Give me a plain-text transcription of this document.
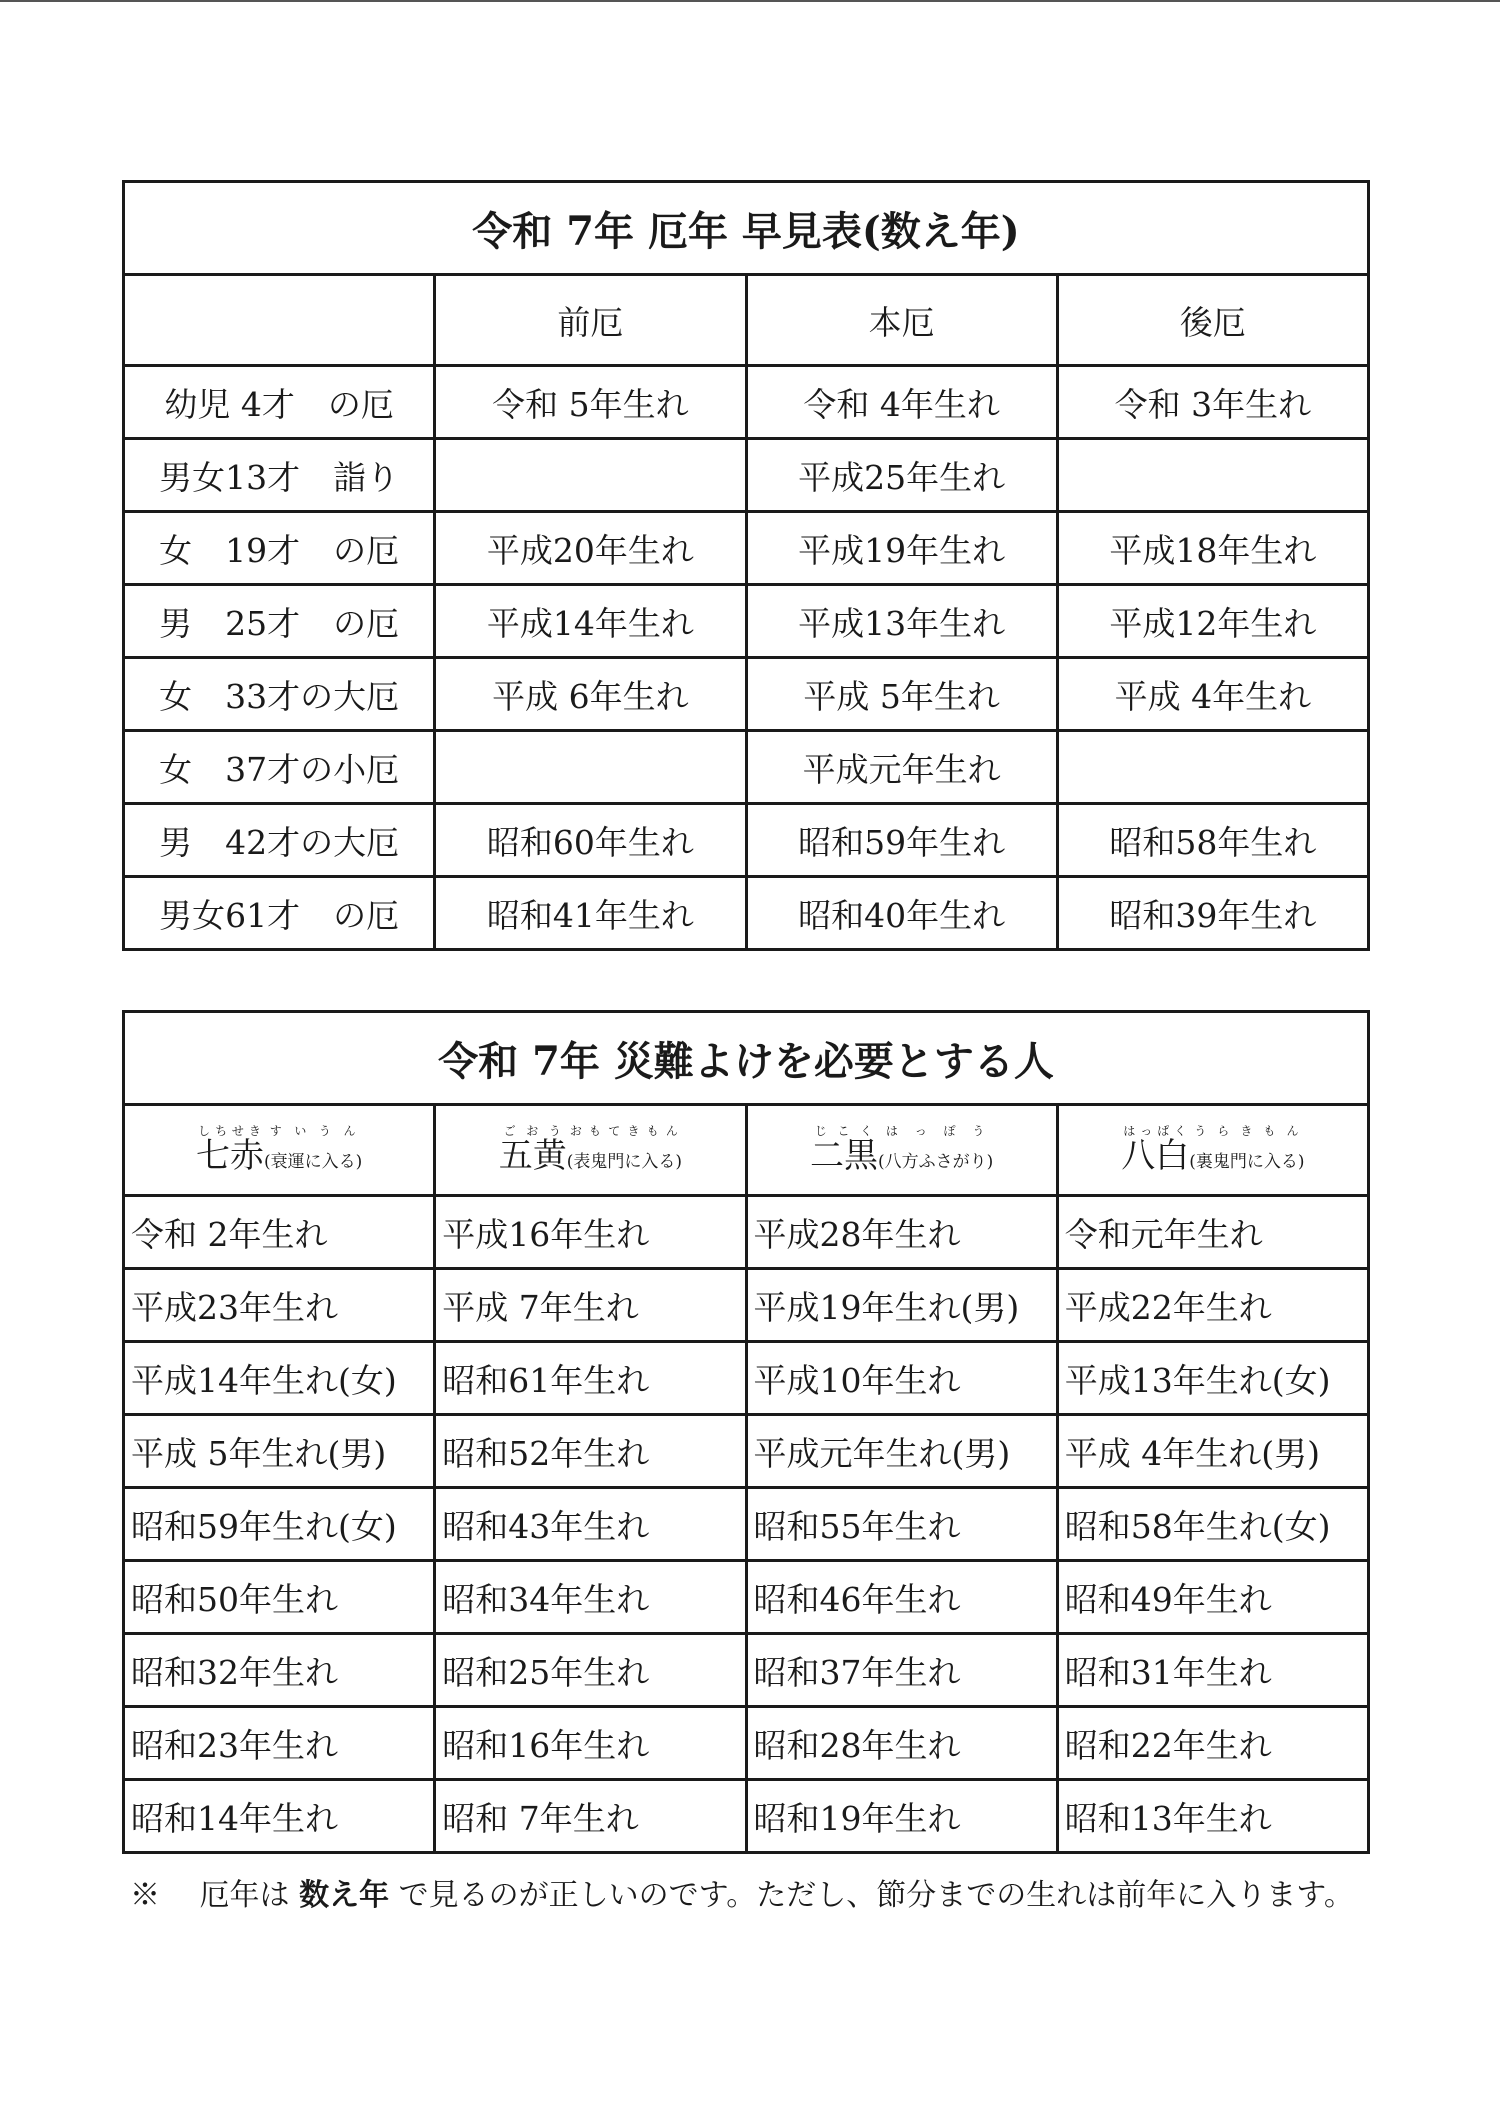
令和 7年 厄年 早見表(数え年)			
	前厄	本厄	後厄
幼児 4才　の厄	令和 5年生れ	令和 4年生れ	令和 3年生れ
男女13才　詣り		平成25年生れ	
女　19才　の厄	平成20年生れ	平成19年生れ	平成18年生れ
男　25才　の厄	平成14年生れ	平成13年生れ	平成12年生れ
女　33才の大厄	平成 6年生れ	平成 5年生れ	平成 4年生れ
女　37才の小厄		平成元年生れ	
男　42才の大厄	昭和60年生れ	昭和59年生れ	昭和58年生れ
男女61才　の厄	昭和41年生れ	昭和40年生れ	昭和39年生れ
令和 7年 災難よけを必要とする人			
七赤しちせき(衰運に入る)すいうん	五黄ごおう(表鬼門に入る)おもてきもん	二黒じこく(八方ふさがり)はっぽう	八白はっぱく(裏鬼門に入る)うらきもん
令和 2年生れ	平成16年生れ	平成28年生れ	令和元年生れ
平成23年生れ	平成 7年生れ	平成19年生れ(男)	平成22年生れ
平成14年生れ(女)	昭和61年生れ	平成10年生れ	平成13年生れ(女)
平成 5年生れ(男)	昭和52年生れ	平成元年生れ(男)	平成 4年生れ(男)
昭和59年生れ(女)	昭和43年生れ	昭和55年生れ	昭和58年生れ(女)
昭和50年生れ	昭和34年生れ	昭和46年生れ	昭和49年生れ
昭和32年生れ	昭和25年生れ	昭和37年生れ	昭和31年生れ
昭和23年生れ	昭和16年生れ	昭和28年生れ	昭和22年生れ
昭和14年生れ	昭和 7年生れ	昭和19年生れ	昭和13年生れ
※　 厄年は 数え年 で見るのが正しいのです。ただし、節分までの生れは前年に入ります。
